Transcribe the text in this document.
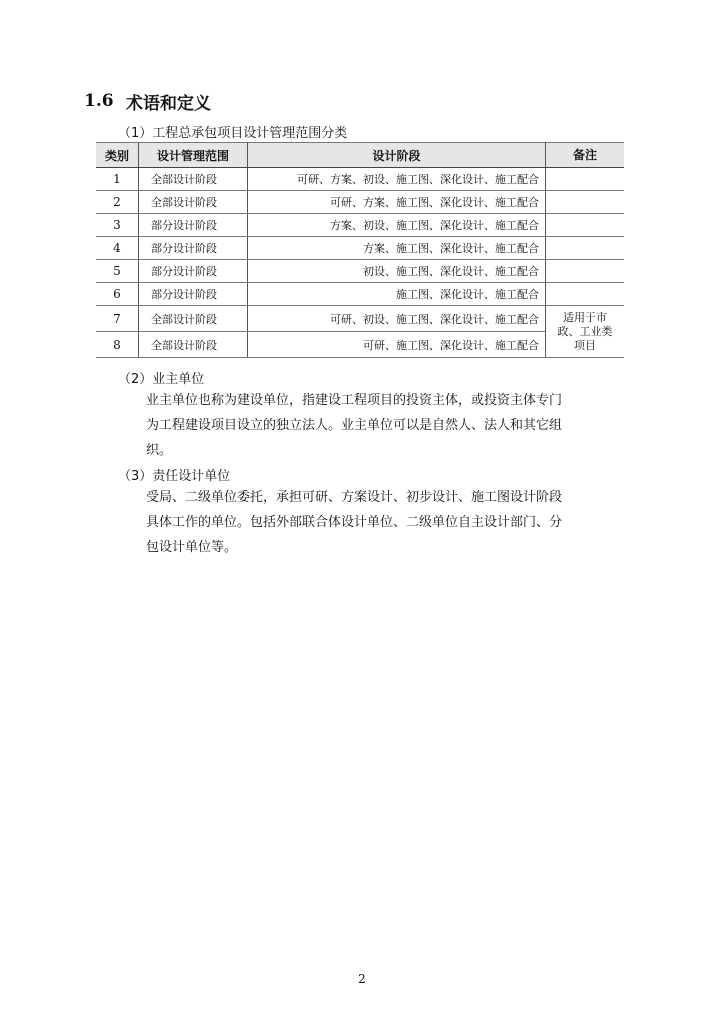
1.6 术语和定义
（1）工程总承包项目设计管理范围分类
类别	设计管理范围	设计阶段	备注
1	全部设计阶段	可研、方案、初设、施工图、深化设计、施工配合	
2	全部设计阶段	可研、方案、施工图、深化设计、施工配合	
3	部分设计阶段	方案、初设、施工图、深化设计、施工配合	
4	部分设计阶段	方案、施工图、深化设计、施工配合	
5	部分设计阶段	初设、施工图、深化设计、施工配合	
6	部分设计阶段	施工图、深化设计、施工配合	
7	全部设计阶段	可研、初设、施工图、深化设计、施工配合	适用于市
政、工业类
项目

8	全部设计阶段	可研、施工图、深化设计、施工配合	
（2）业主单位
业主单位也称为建设单位，指建设工程项目的投资主体，或投资主体专门
为工程建设项目设立的独立法人。业主单位可以是自然人、法人和其它组
织。
（3）责任设计单位
受局、二级单位委托，承担可研、方案设计、初步设计、施工图设计阶段
具体工作的单位。包括外部联合体设计单位、二级单位自主设计部门、分
包设计单位等。
2
